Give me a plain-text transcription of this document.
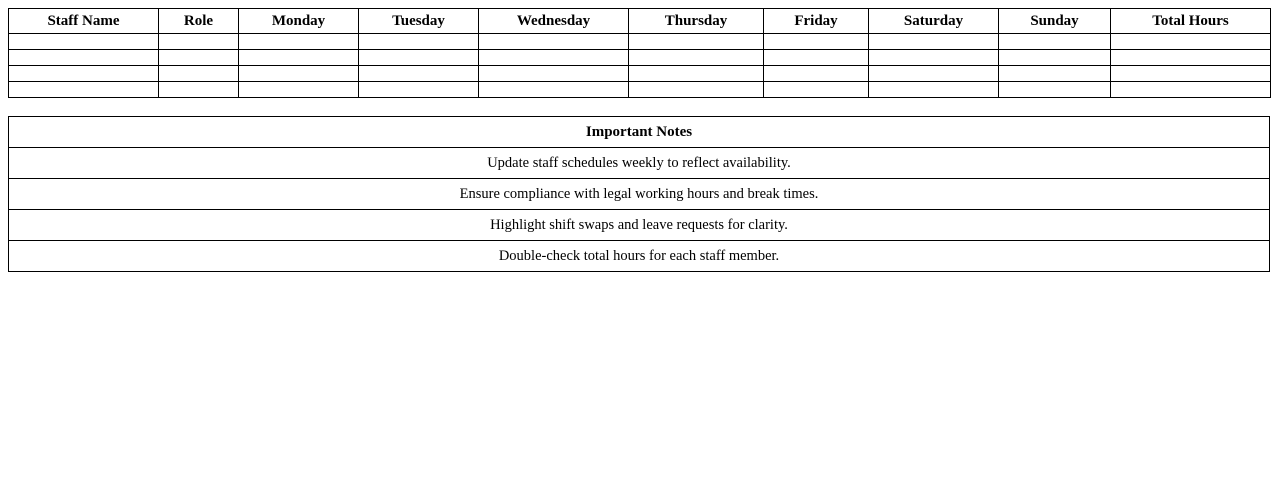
Staff Name	Role	Monday	Tuesday	Wednesday	Thursday	Friday	Saturday	Sunday	Total Hours

Important Notes
Update staff schedules weekly to reflect availability.
Ensure compliance with legal working hours and break times.
Highlight shift swaps and leave requests for clarity.
Double-check total hours for each staff member.
